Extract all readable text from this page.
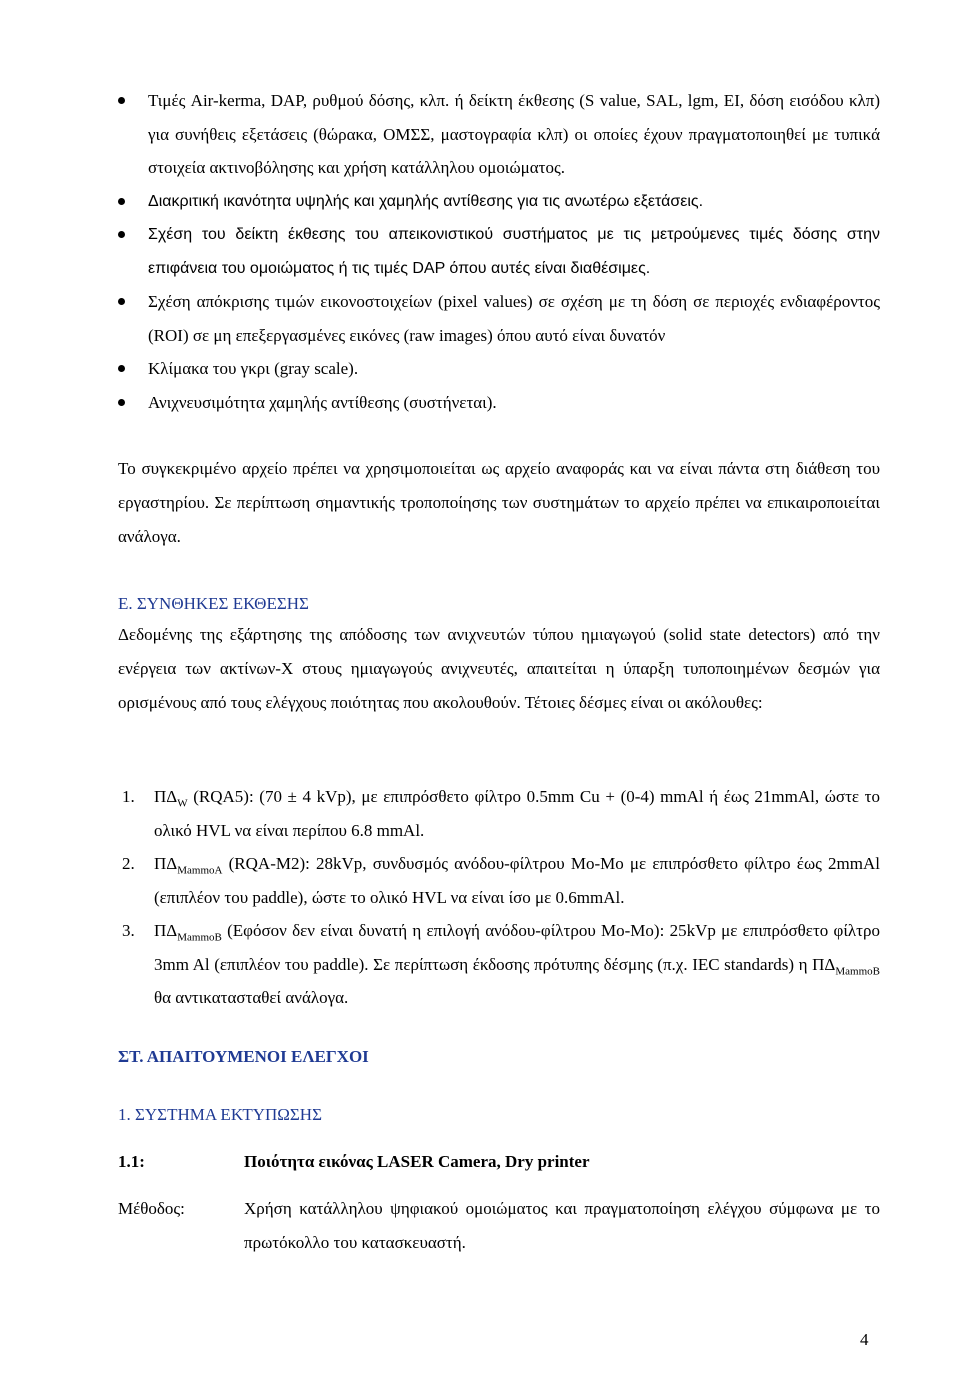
Τιμές Air-kerma, DAP, ρυθμού δόσης, κλπ. ή δείκτη έκθεσης (S value, SAL, lgm, EI, δόση εισόδου κλπ) για συνήθεις εξετάσεις (θώρακα, ΟΜΣΣ, μαστογραφία κλπ) οι οποίες έχουν πραγματοποιηθεί με τυπικά στοιχεία ακτινοβόλησης και χρήση κατάλληλου ομοιώματος.
Διακριτική ικανότητα υψηλής και χαμηλής αντίθεσης για τις ανωτέρω εξετάσεις.
Σχέση του δείκτη έκθεσης του απεικονιστικού συστήματος με τις μετρούμενες τιμές δόσης στην επιφάνεια του ομοιώματος ή τις τιμές DAP όπου αυτές είναι διαθέσιμες.
Σχέση απόκρισης τιμών εικονοστοιχείων (pixel values) σε σχέση με τη δόση σε περιοχές ενδιαφέροντος (ROI) σε μη επεξεργασμένες εικόνες (raw images) όπου αυτό είναι δυνατόν
Κλίμακα του γκρι (gray scale).
Ανιχνευσιμότητα χαμηλής αντίθεσης (συστήνεται).

Το συγκεκριμένο αρχείο πρέπει να χρησιμοποιείται ως αρχείο αναφοράς και να είναι πάντα στη διάθεση του εργαστηρίου. Σε περίπτωση σημαντικής τροποποίησης των συστημάτων το αρχείο πρέπει να επικαιροποιείται ανάλογα.

Ε. ΣΥΝΘΗΚΕΣ ΕΚΘΕΣΗΣ

Δεδομένης της εξάρτησης της απόδοσης των ανιχνευτών τύπου ημιαγωγού (solid state detectors) από την ενέργεια των ακτίνων-Χ στους ημιαγωγούς ανιχνευτές, απαιτείται η ύπαρξη τυποποιημένων δεσμών για ορισμένους από τους ελέγχους ποιότητας που ακολουθούν. Τέτοιες δέσμες είναι οι ακόλουθες:

1. $\Pi\Delta_W$ (RQA5): (70 ± 4 kVp), με επιπρόσθετο φίλτρο 0.5mm Cu + (0-4) mmAl ή έως 21mmAl, ώστε το ολικό HVL να είναι περίπου 6.8 mmAl.
2. $\Pi\Delta_{MammoA}$ (RQA-M2): 28kVp, συνδυσμός ανόδου-φίλτρου Mo-Mo με επιπρόσθετο φίλτρο έως 2mmAl (επιπλέον του paddle), ώστε το ολικό HVL να είναι ίσο με 0.6mmAl.
3. $\Pi\Delta_{MammoB}$ (Εφόσον δεν είναι δυνατή η επιλογή ανόδου-φίλτρου Mo-Mo): 25kVp με επιπρόσθετο φίλτρο 3mm Al (επιπλέον του paddle). Σε περίπτωση έκδοσης πρότυπης δέσμης (π.χ. IEC standards) η $\Pi\Delta_{MammoB}$ θα αντικατασταθεί ανάλογα.

ΣΤ. ΑΠΑΙΤΟΥΜΕΝΟΙ ΕΛΕΓΧΟΙ

1. ΣΥΣΤΗΜΑ ΕΚΤΥΠΩΣΗΣ

1.1:	Ποιότητα εικόνας LASER Camera, Dry printer
Μέθοδος:	Χρήση κατάλληλου ψηφιακού ομοιώματος και πραγματοποίηση ελέγχου σύμφωνα με το πρωτόκολλο του κατασκευαστή.
4
